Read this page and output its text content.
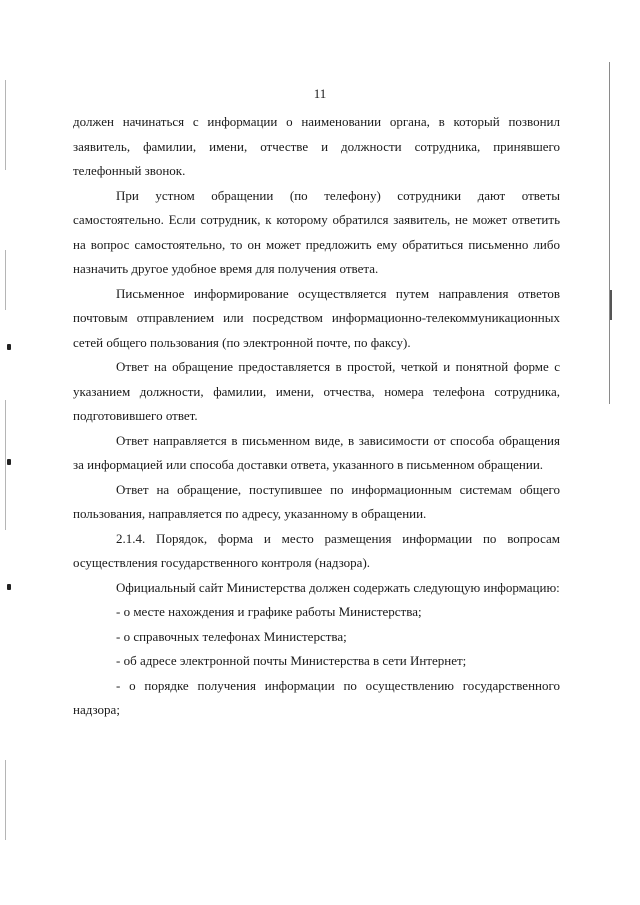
11

должен начинаться с информации о наименовании органа, в который позвонил заявитель, фамилии, имени, отчестве и должности сотрудника, принявшего телефонный звонок.

При устном обращении (по телефону) сотрудники дают ответы самостоятельно. Если сотрудник, к которому обратился заявитель, не может ответить на вопрос самостоятельно, то он может предложить ему обратиться письменно либо назначить другое удобное время для получения ответа.

Письменное информирование осуществляется путем направления ответов почтовым отправлением или посредством информационно-телекоммуникационных сетей общего пользования (по электронной почте, по факсу).

Ответ на обращение предоставляется в простой, четкой и понятной форме с указанием должности, фамилии, имени, отчества, номера телефона сотрудника, подготовившего ответ.

Ответ направляется в письменном виде, в зависимости от способа обращения за информацией или способа доставки ответа, указанного в письменном обращении.

Ответ на обращение, поступившее по информационным системам общего пользования, направляется по адресу, указанному в обращении.

2.1.4. Порядок, форма и место размещения информации по вопросам осуществления государственного контроля (надзора).

Официальный сайт Министерства должен содержать следующую информацию:

- о месте нахождения и графике работы Министерства;

- о справочных телефонах Министерства;

- об адресе электронной почты Министерства в сети Интернет;

- о порядке получения информации по осуществлению государственного надзора;
